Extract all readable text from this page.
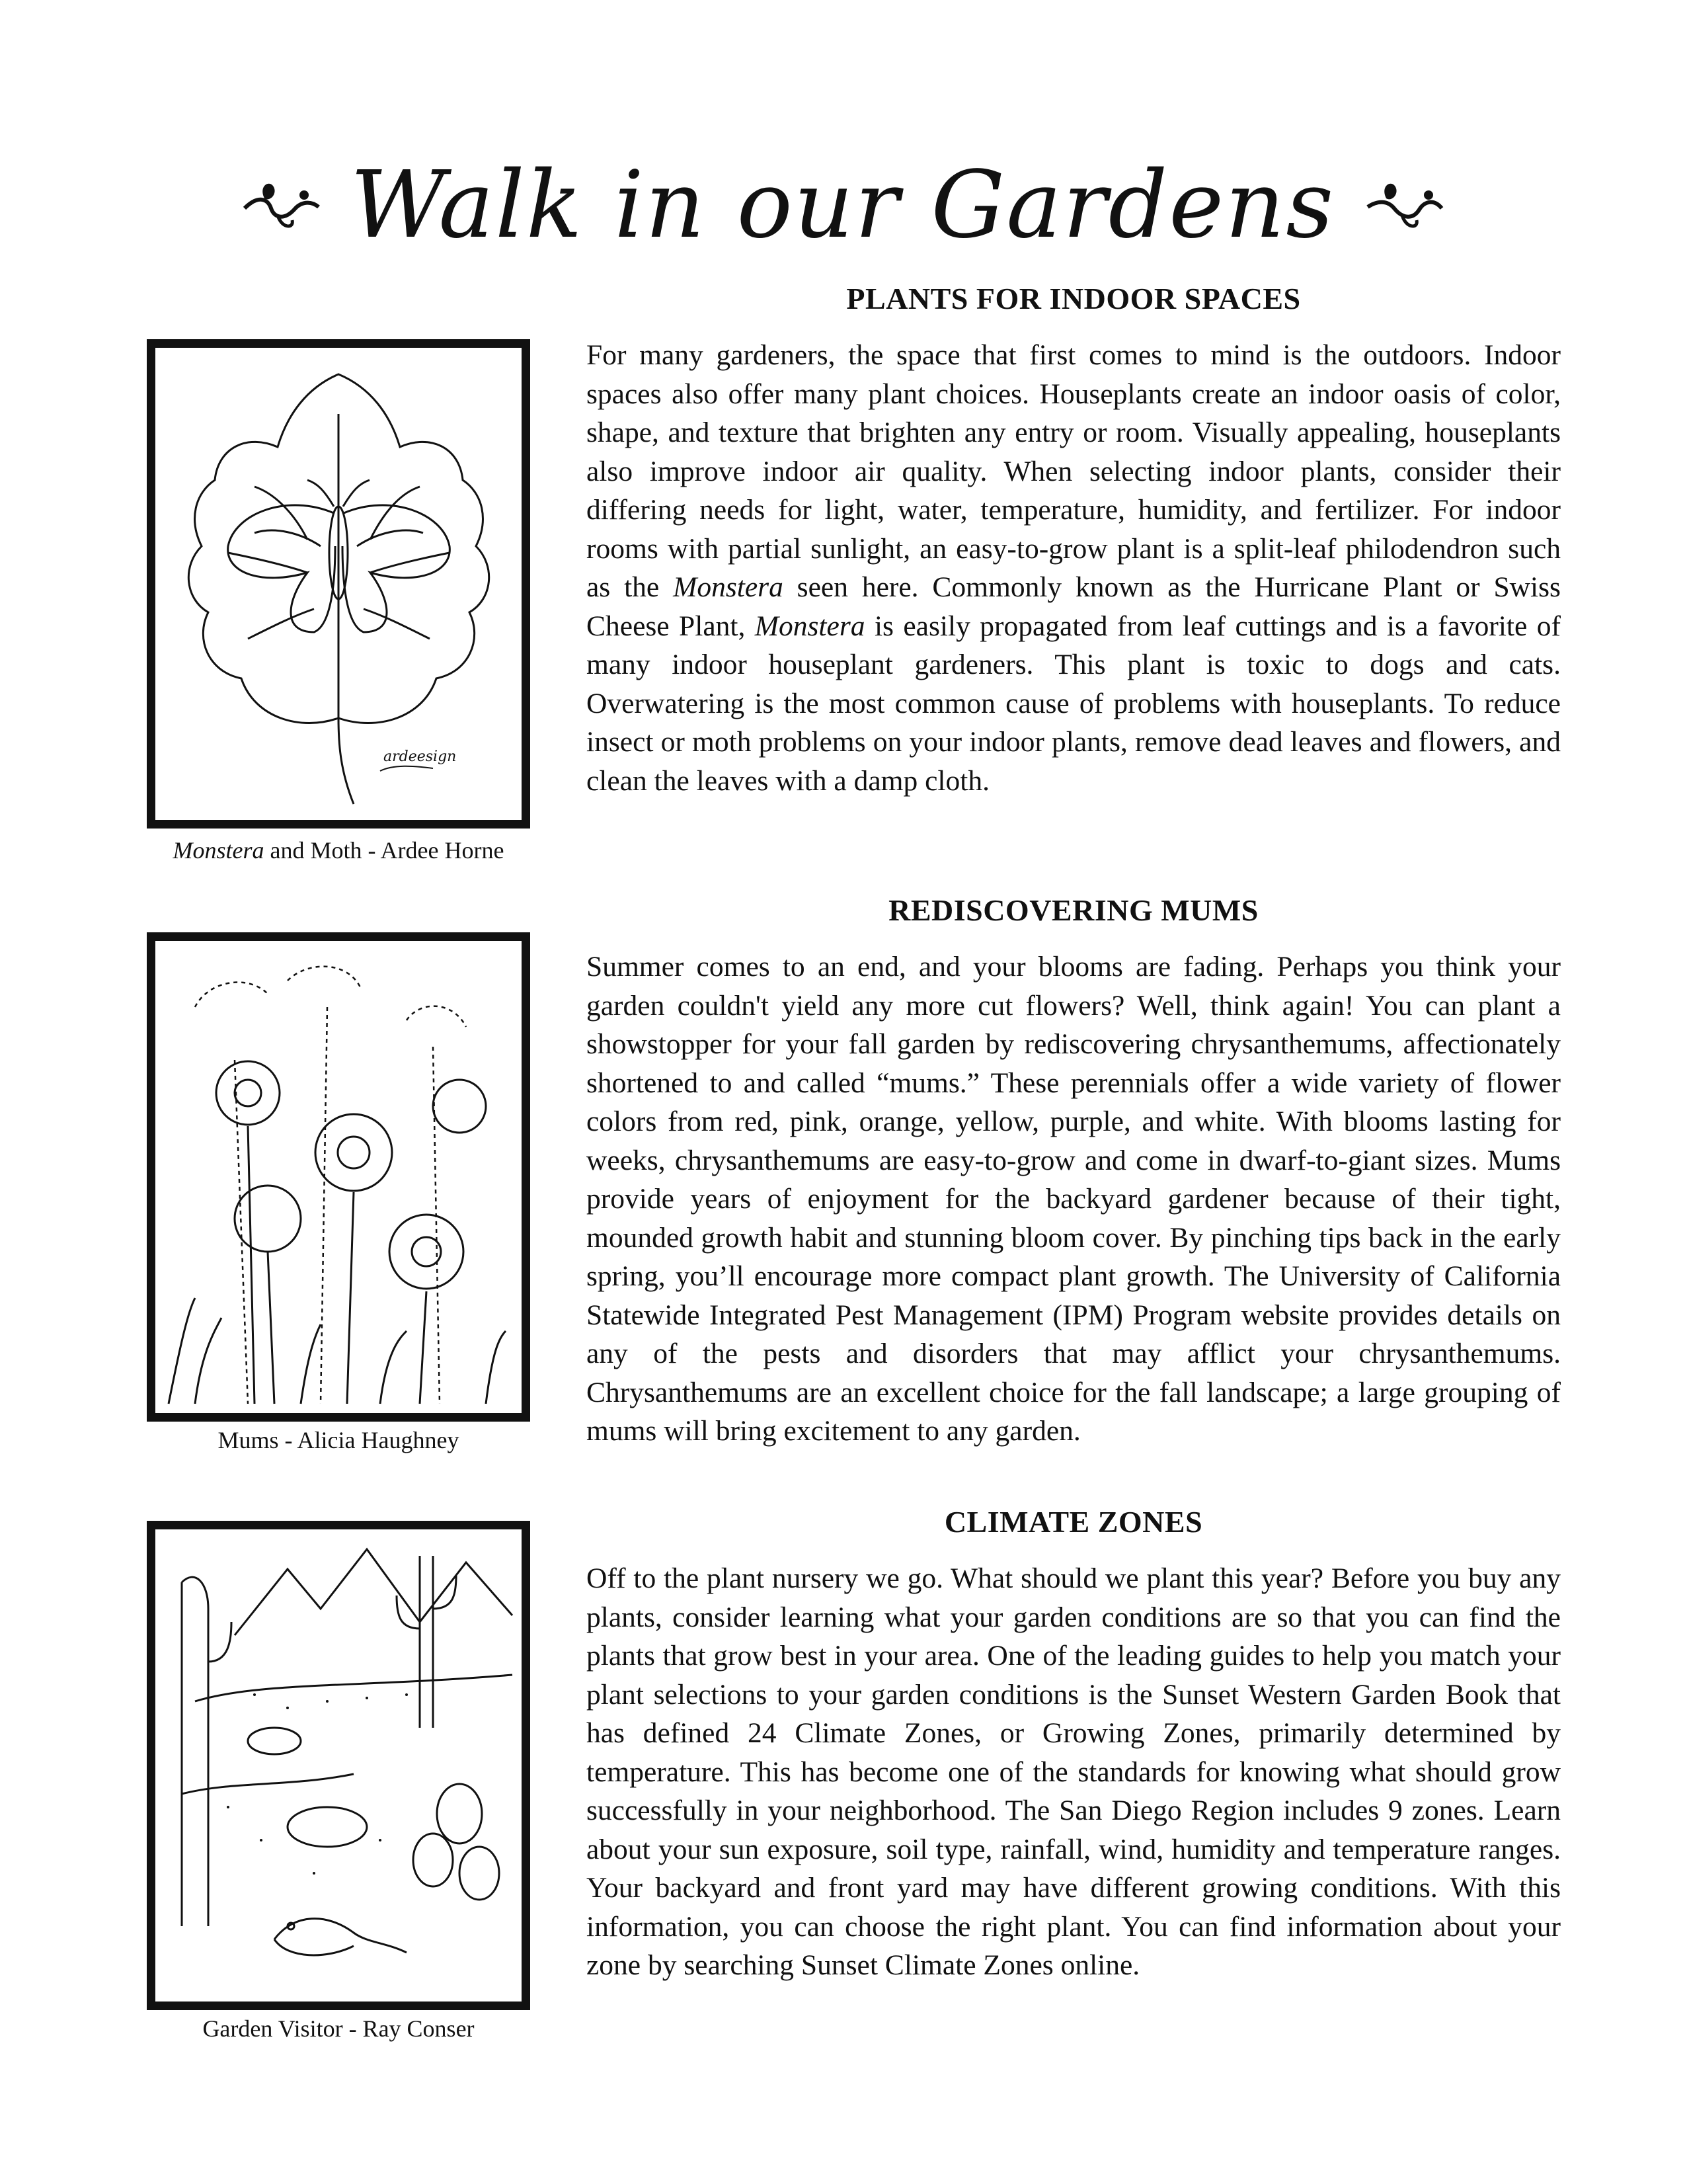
Walk in our Gardens
ardeesign
Monstera and Moth - Ardee Horne
Mums - Alicia Haughney
Garden Visitor - Ray Conser
PLANTS FOR INDOOR SPACES

For many gardeners, the space that first comes to mind is the outdoors. Indoor spaces also offer many plant choices. Houseplants create an indoor oasis of color, shape, and texture that brighten any entry or room. Visually appealing, houseplants also improve indoor air quality. When selecting indoor plants, consider their differing needs for light, water, temperature, humidity, and fertilizer. For indoor rooms with partial sunlight, an easy-to-grow plant is a split-leaf philodendron such as the Monstera seen here. Commonly known as the Hurricane Plant or Swiss Cheese Plant, Monstera is easily propagated from leaf cuttings and is a favorite of many indoor houseplant gardeners. This plant is toxic to dogs and cats. Overwatering is the most common cause of problems with houseplants. To reduce insect or moth problems on your indoor plants, remove dead leaves and flowers, and clean the leaves with a damp cloth.

REDISCOVERING MUMS

Summer comes to an end, and your blooms are fading. Perhaps you think your garden couldn't yield any more cut flowers? Well, think again! You can plant a showstopper for your fall garden by rediscovering chrysanthemums, affectionately shortened to and called “mums.” These perennials offer a wide variety of flower colors from red, pink, orange, yellow, purple, and white. With blooms lasting for weeks, chrysanthemums are easy-to-grow and come in dwarf-to-giant sizes. Mums provide years of enjoyment for the backyard gardener because of their tight, mounded growth habit and stunning bloom cover. By pinching tips back in the early spring, you’ll encourage more compact plant growth. The University of California Statewide Integrated Pest Management (IPM) Program website provides details on any of the pests and disorders that may afflict your chrysanthemums. Chrysanthemums are an excellent choice for the fall landscape; a large grouping of mums will bring excitement to any garden.

CLIMATE ZONES

Off to the plant nursery we go. What should we plant this year? Before you buy any plants, consider learning what your garden conditions are so that you can find the plants that grow best in your area. One of the leading guides to help you match your plant selections to your garden conditions is the Sunset Western Garden Book that has defined 24 Climate Zones, or Growing Zones, primarily determined by temperature. This has become one of the standards for knowing what should grow successfully in your neighborhood. The San Diego Region includes 9 zones. Learn about your sun exposure, soil type, rainfall, wind, humidity and temperature ranges. Your backyard and front yard may have different growing conditions. With this information, you can choose the right plant. You can find information about your zone by searching Sunset Climate Zones online.
